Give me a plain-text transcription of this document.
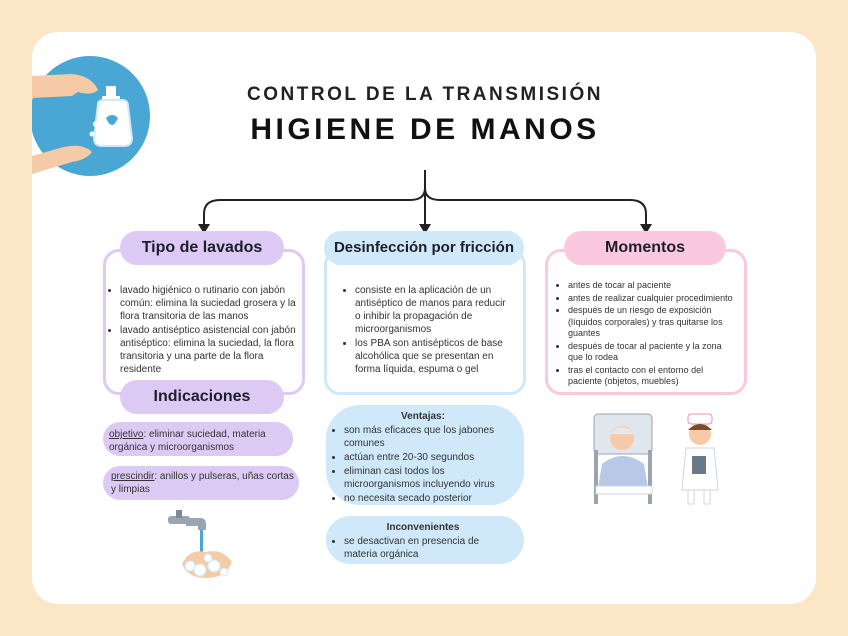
CONTROL DE LA TRANSMISIÓN
HIGIENE DE MANOS
• lavado higiénico o rutinario con jabón común: elimina la suciedad grosera y la flora transitoria de las manos
• lavado antiséptico asistencial con jabón antiséptico: elimina la suciedad, la flora transitoria y una parte de la flora residente
Tipo de lavados
Indicaciones
objetivo: eliminar suciedad, materia orgánica y microorganismos
prescindir: anillos y pulseras, uñas cortas y limpias
• consiste en la aplicación de un antiséptico de manos para reducir o inhibir la propagación de microorganismos
• los PBA son antisépticos de base alcohólica que se presentan en forma líquida, espuma o gel
Desinfección por fricción
Ventajas:
• son más eficaces que los jabones comunes
• actúan entre 20-30 segundos
• eliminan casi todos los microorganismos incluyendo virus
• no necesita secado posterior
Inconvenientes
• se desactivan en presencia de materia orgánica
• antes de tocar al paciente
• antes de realizar cualquier procedimiento
• después de un riesgo de exposición (líquidos corporales) y tras quitarse los guantes
• después de tocar al paciente y la zona que lo rodea
• tras el contacto con el entorno del paciente (objetos, muebles)
Momentos
